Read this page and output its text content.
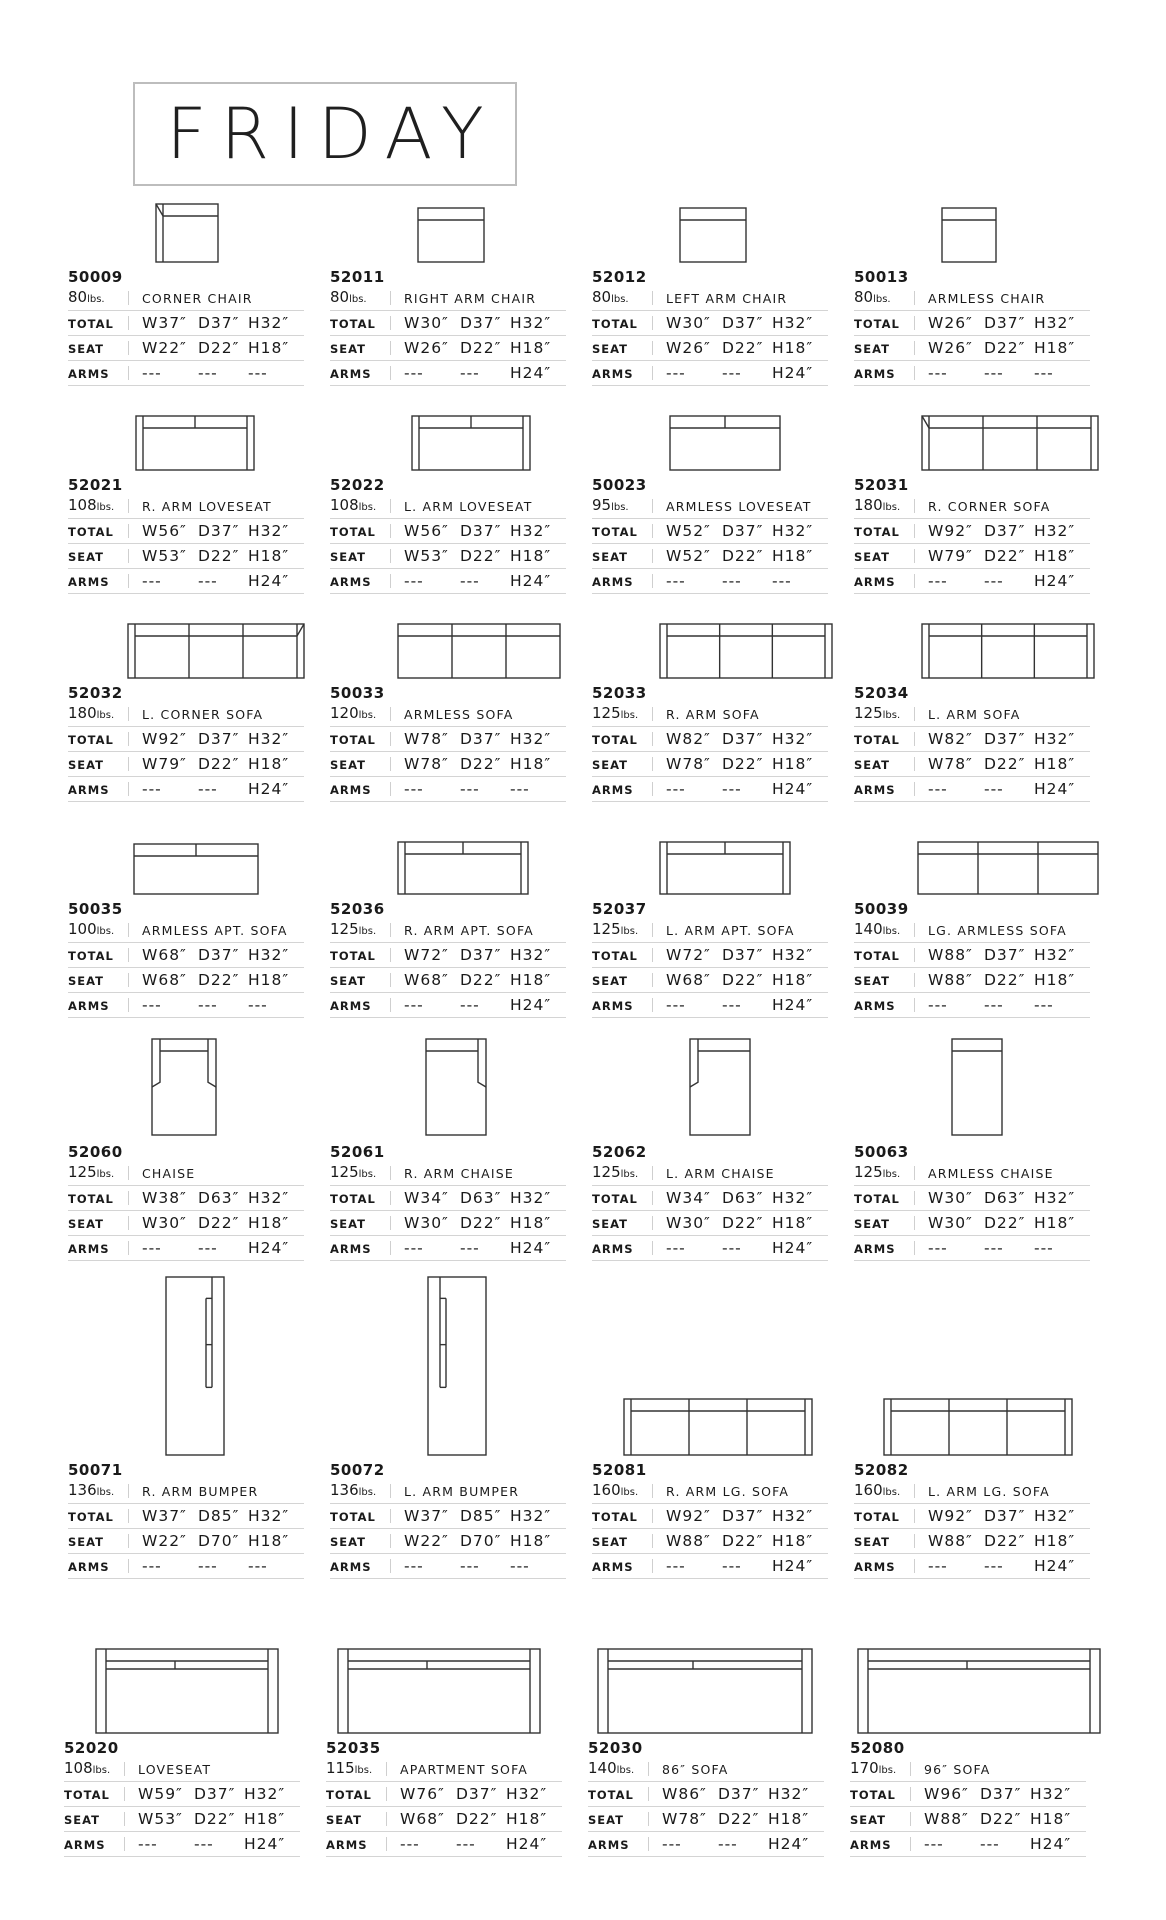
FRIDAY
50009
80lbs.	CORNER CHAIR
TOTAL W37″ D37″ H32″
SEAT W22″ D22″ H18″
ARMS --- --- ---
52011
80lbs.	RIGHT ARM CHAIR
TOTAL W30″ D37″ H32″
SEAT W26″ D22″ H18″
ARMS --- --- H24″
52012
80lbs.	LEFT ARM CHAIR
TOTAL W30″ D37″ H32″
SEAT W26″ D22″ H18″
ARMS --- --- H24″
50013
80lbs.	ARMLESS CHAIR
TOTAL W26″ D37″ H32″
SEAT W26″ D22″ H18″
ARMS --- --- ---
52021
108lbs. R. ARM LOVESEAT
TOTAL W56″ D37″ H32″
SEAT W53″ D22″ H18″
ARMS --- --- H24″
52022
108lbs. L. ARM LOVESEAT
TOTAL W56″ D37″ H32″
SEAT W53″ D22″ H18″
ARMS --- --- H24″
50023
95lbs.	ARMLESS LOVESEAT
TOTAL W52″ D37″ H32″
SEAT W52″ D22″ H18″
ARMS --- --- ---
52031
180lbs. R. CORNER SOFA
TOTAL W92″ D37″ H32″
SEAT W79″ D22″ H18″
ARMS --- --- H24″
52032
180lbs. L. CORNER SOFA
TOTAL W92″ D37″ H32″
SEAT W79″ D22″ H18″
ARMS --- --- H24″
50033
120lbs. ARMLESS SOFA
TOTAL W78″ D37″ H32″
SEAT W78″ D22″ H18″
ARMS --- --- ---
52033
125lbs. R. ARM SOFA
TOTAL W82″ D37″ H32″
SEAT W78″ D22″ H18″
ARMS --- --- H24″
52034
125lbs. L. ARM SOFA
TOTAL W82″ D37″ H32″
SEAT W78″ D22″ H18″
ARMS --- --- H24″
50035
100lbs. ARMLESS APT. SOFA
TOTAL W68″ D37″ H32″
SEAT W68″ D22″ H18″
ARMS --- --- ---
52036
125lbs. R. ARM APT. SOFA
TOTAL W72″ D37″ H32″
SEAT W68″ D22″ H18″
ARMS --- --- H24″
52037
125lbs. L. ARM APT. SOFA
TOTAL W72″ D37″ H32″
SEAT W68″ D22″ H18″
ARMS --- --- H24″
50039
140lbs. LG. ARMLESS SOFA
TOTAL W88″ D37″ H32″
SEAT W88″ D22″ H18″
ARMS --- --- ---
52060
125lbs. CHAISE
TOTAL W38″ D63″ H32″
SEAT W30″ D22″ H18″
ARMS --- --- H24″
52061
125lbs. R. ARM CHAISE
TOTAL W34″ D63″ H32″
SEAT W30″ D22″ H18″
ARMS --- --- H24″
52062
125lbs. L. ARM CHAISE
TOTAL W34″ D63″ H32″
SEAT W30″ D22″ H18″
ARMS --- --- H24″
50063
125lbs. ARMLESS CHAISE
TOTAL W30″ D63″ H32″
SEAT W30″ D22″ H18″
ARMS --- --- ---
50071
136lbs. R. ARM BUMPER
TOTAL W37″ D85″ H32″
SEAT W22″ D70″ H18″
ARMS --- --- ---
50072
136lbs. L. ARM BUMPER
TOTAL W37″ D85″ H32″
SEAT W22″ D70″ H18″
ARMS --- --- ---
52081
160lbs. R. ARM LG. SOFA
TOTAL W92″ D37″ H32″
SEAT W88″ D22″ H18″
ARMS --- --- H24″
52082
160lbs. L. ARM LG. SOFA
TOTAL W92″ D37″ H32″
SEAT W88″ D22″ H18″
ARMS --- --- H24″
52020
108lbs. LOVESEAT
TOTAL W59″ D37″ H32″
SEAT W53″ D22″ H18″
ARMS --- --- H24″
52035
115lbs. APARTMENT SOFA
TOTAL W76″ D37″ H32″
SEAT W68″ D22″ H18″
ARMS --- --- H24″
52030
140lbs. 86″ SOFA
TOTAL W86″ D37″ H32″
SEAT W78″ D22″ H18″
ARMS --- --- H24″
52080
170lbs. 96″ SOFA
TOTAL W96″ D37″ H32″
SEAT W88″ D22″ H18″
ARMS --- --- H24″
